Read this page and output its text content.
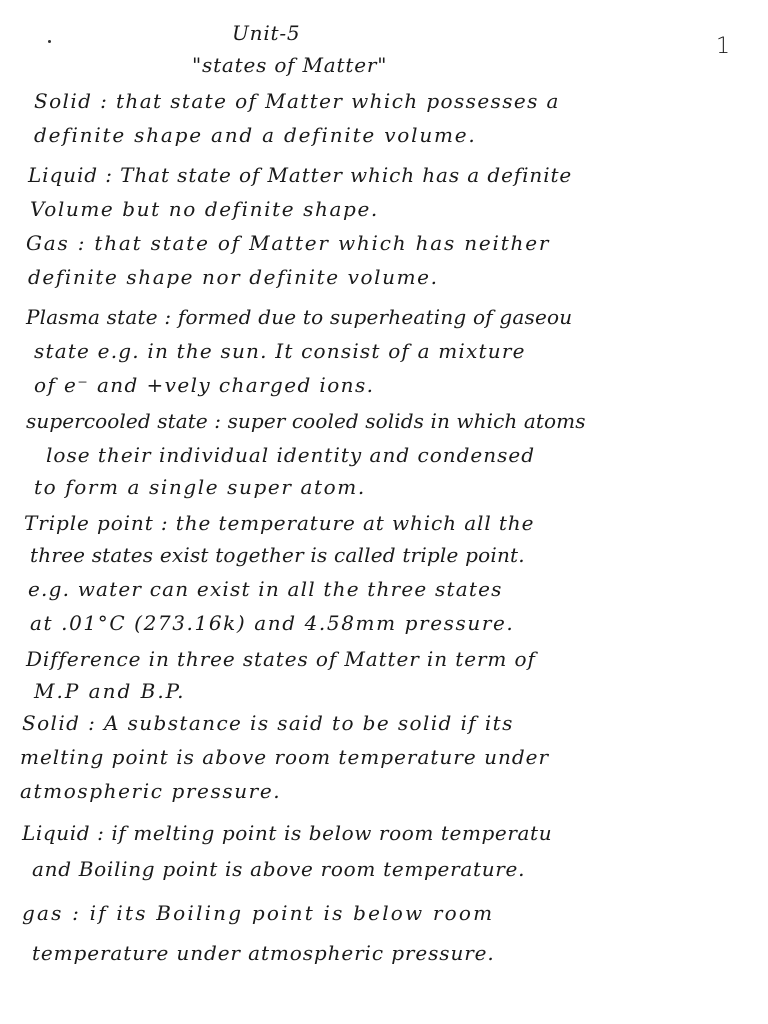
Unit-5
1
"states of Matter"
Solid : that state of Matter which possesses a
definite shape and a definite volume.
Liquid : That state of Matter which has a definite
Volume but no definite shape.
Gas : that state of Matter which has neither
definite shape nor definite volume.
Plasma state : formed due to superheating of gaseou
state e.g. in the sun. It consist of a mixture
of e⁻ and +vely charged ions.
supercooled state : super cooled solids in which atoms
lose their individual identity and condensed
to form a single super atom.
Triple point : the temperature at which all the
three states exist together is called triple point.
e.g. water can exist in all the three states
at .01°C (273.16k) and 4.58mm pressure.
Difference in three states of Matter in term of
M.P and B.P.
Solid : A substance is said to be solid if its
melting point is above room temperature under
atmospheric pressure.
Liquid : if melting point is below room temperatu
and Boiling point is above room temperature.
gas : if its Boiling point is below room
temperature under atmospheric pressure.
